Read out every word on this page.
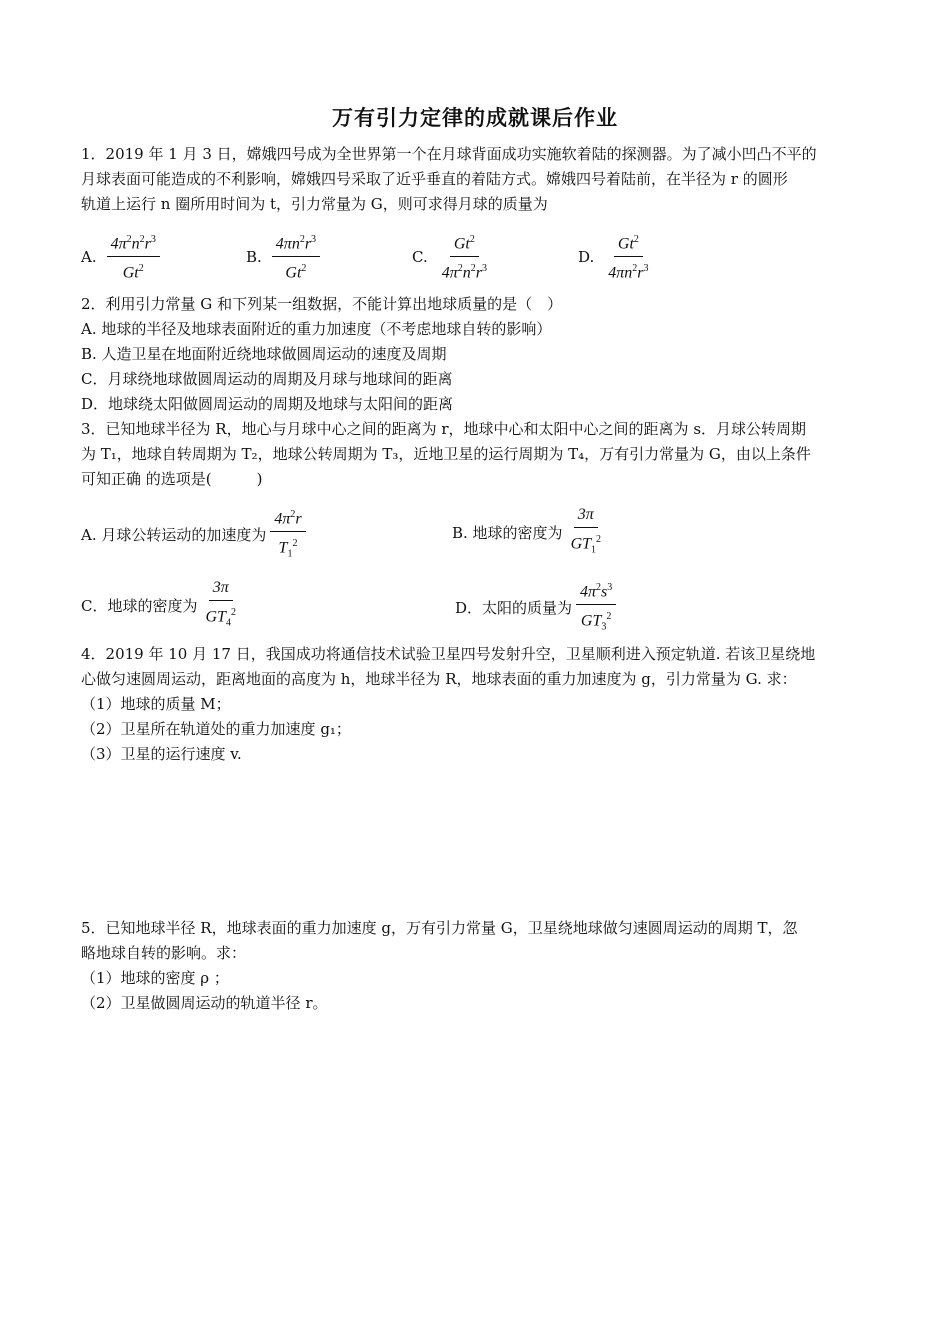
万有引力定律的成就课后作业
1．2019 年 1 月 3 日，嫦娥四号成为全世界第一个在月球背面成功实施软着陆的探测器。为了减小凹凸不平的
月球表面可能造成的不利影响，嫦娥四号采取了近乎垂直的着陆方式。嫦娥四号着陆前，在半径为 r 的圆形
轨道上运行 n 圈所用时间为 t，引力常量为 G，则可求得月球的质量为
A. $\frac{4\pi^2n^2r^3}{Gt^2}$	B. $\frac{4\pi n^2r^3}{Gt^2}$	C. $\frac{Gt^2}{4\pi^2n^2r^3}$	D. $\frac{Gt^2}{4\pi n^2r^3}$
2．利用引力常量 G 和下列某一组数据，不能计算出地球质量的是（　）
A. 地球的半径及地球表面附近的重力加速度（不考虑地球自转的影响）
B. 人造卫星在地面附近绕地球做圆周运动的速度及周期
C．月球绕地球做圆周运动的周期及月球与地球间的距离
D．地球绕太阳做圆周运动的周期及地球与太阳间的距离
3．已知地球半径为 R，地心与月球中心之间的距离为 r，地球中心和太阳中心之间的距离为 s．月球公转周期
为 T₁，地球自转周期为 T₂，地球公转周期为 T₃，近地卫星的运行周期为 T₄，万有引力常量为 G，由以上条件
可知正确 的选项是(　　　)
A. 月球公转运动的加速度为 $\frac{4\pi^2r}{T_1^2}$	B. 地球的密度为 $\frac{3\pi}{GT_1^2}$
C．地球的密度为 $\frac{3\pi}{GT_4^2}$	D．太阳的质量为 $\frac{4\pi^2s^3}{GT_3^2}$
4．2019 年 10 月 17 日，我国成功将通信技术试验卫星四号发射升空，卫星顺利进入预定轨道. 若该卫星绕地
心做匀速圆周运动，距离地面的高度为 h，地球半径为 R，地球表面的重力加速度为 g，引力常量为 G. 求：
（1）地球的质量 M；
（2）卫星所在轨道处的重力加速度 g₁；
（3）卫星的运行速度 v.
5．已知地球半径 R，地球表面的重力加速度 g，万有引力常量 G，卫星绕地球做匀速圆周运动的周期 T，忽
略地球自转的影响。求：
（1）地球的密度 ρ ；
（2）卫星做圆周运动的轨道半径 r。
